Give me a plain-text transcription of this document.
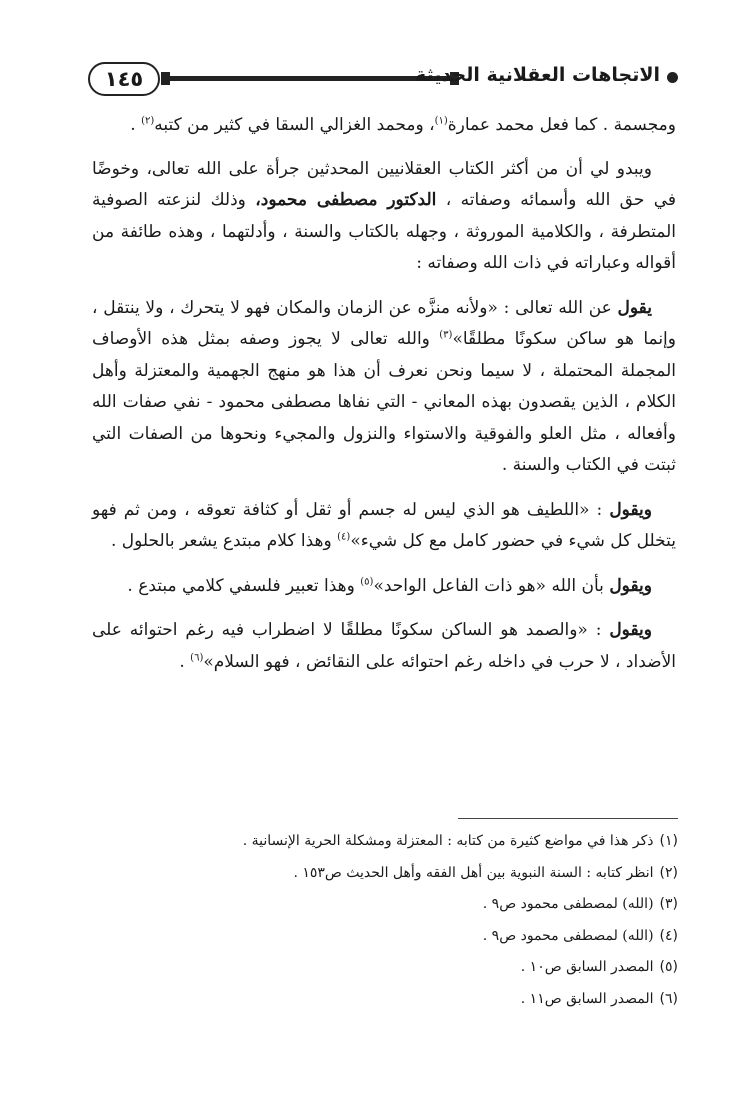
١٤٥	الاتجاهات العقلانية الحديثة

ومجسمة . كما فعل محمد عمارة$^{(١)}$، ومحمد الغزالي السقا في كثير من كتبه$^{(٢)}$ .

ويبدو لي أن من أكثر الكتاب العقلانيين المحدثين جرأة على الله تعالى، وخوضًا في حق الله وأسمائه وصفاته ، الدكتور مصطفى محمود، وذلك لنزعته الصوفية المتطرفة ، والكلامية الموروثة ، وجهله بالكتاب والسنة ، وأدلتهما ، وهذه طائفة من أقواله وعباراته في ذات الله وصفاته :

يقول عن الله تعالى : «ولأنه منزَّه عن الزمان والمكان فهو لا يتحرك ، ولا ينتقل ، وإنما هو ساكن سكونًا مطلقًا»$^{(٣)}$ والله تعالى لا يجوز وصفه بمثل هذه الأوصاف المجملة المحتملة ، لا سيما ونحن نعرف أن هذا هو منهج الجهمية والمعتزلة وأهل الكلام ، الذين يقصدون بهذه المعاني - التي نفاها مصطفى محمود - نفي صفات الله وأفعاله ، مثل العلو والفوقية والاستواء والنزول والمجيء ونحوها من الصفات التي ثبتت في الكتاب والسنة .

ويقول : «اللطيف هو الذي ليس له جسم أو ثقل أو كثافة تعوقه ، ومن ثم فهو يتخلل كل شيء في حضور كامل مع كل شيء»$^{(٤)}$ وهذا كلام مبتدع يشعر بالحلول .

ويقول بأن الله «هو ذات الفاعل الواحد»$^{(٥)}$ وهذا تعبير فلسفي كلامي مبتدع .

ويقول : «والصمد هو الساكن سكونًا مطلقًا لا اضطراب فيه رغم احتوائه على الأضداد ، لا حرب في داخله رغم احتوائه على النقائض ، فهو السلام»$^{(٦)}$ .

(١)ذكر هذا في مواضع كثيرة من كتابه : المعتزلة ومشكلة الحرية الإنسانية .
(٢)انظر كتابه : السنة النبوية بين أهل الفقه وأهل الحديث ص١٥٣ .
(٣)(الله) لمصطفى محمود ص٩ .
(٤)(الله) لمصطفى محمود ص٩ .
(٥)المصدر السابق ص١٠ .
(٦)المصدر السابق ص١١ .
